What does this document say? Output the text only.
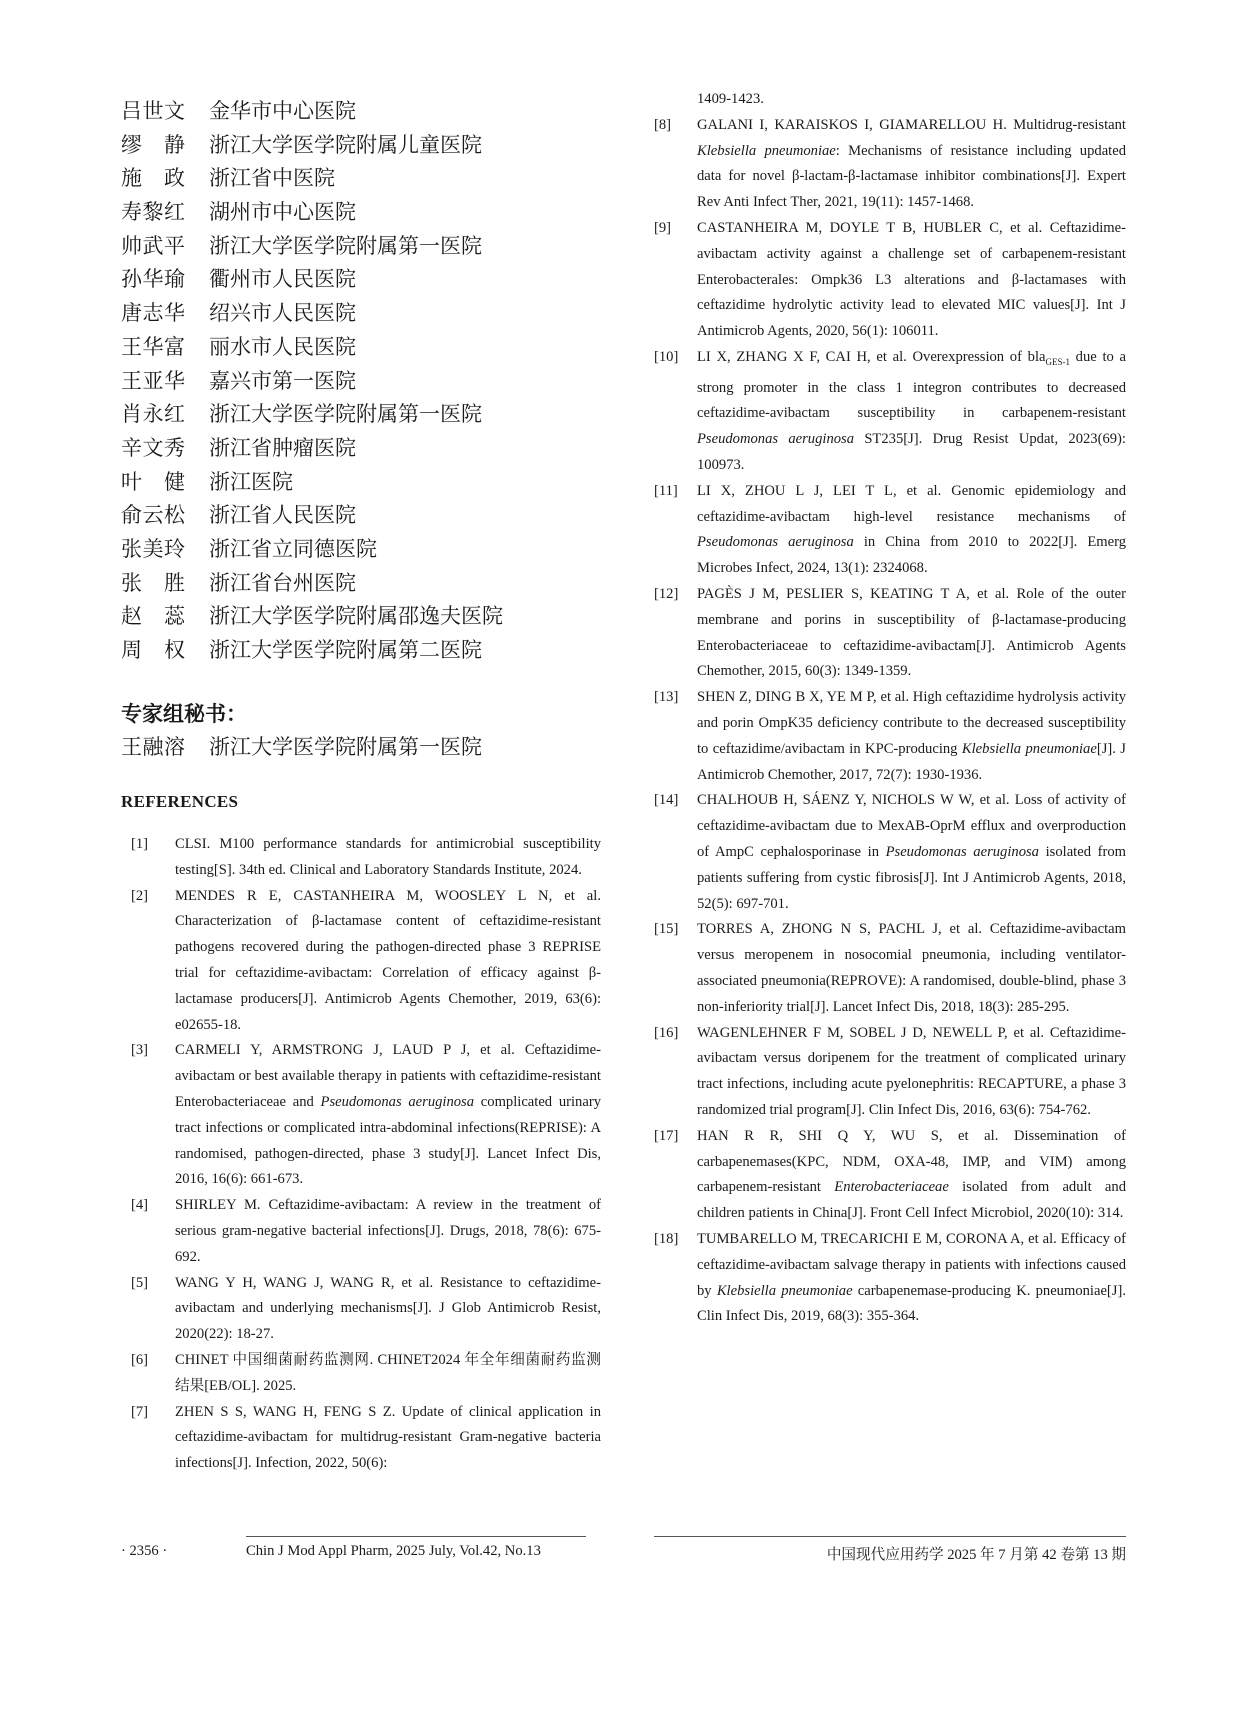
吕世文	金华市中心医院
缪　静	浙江大学医学院附属儿童医院
施　政	浙江省中医院
寿黎红	湖州市中心医院
帅武平	浙江大学医学院附属第一医院
孙华瑜	衢州市人民医院
唐志华	绍兴市人民医院
王华富	丽水市人民医院
王亚华	嘉兴市第一医院
肖永红	浙江大学医学院附属第一医院
辛文秀	浙江省肿瘤医院
叶　健	浙江医院
俞云松	浙江省人民医院
张美玲	浙江省立同德医院
张　胜	浙江省台州医院
赵　蕊	浙江大学医学院附属邵逸夫医院
周　权	浙江大学医学院附属第二医院
专家组秘书：
王融溶	浙江大学医学院附属第一医院
REFERENCES
[1]	CLSI. M100 performance standards for antimicrobial susceptibility testing[S]. 34th ed. Clinical and Laboratory Standards Institute, 2024.
[2]	MENDES R E, CASTANHEIRA M, WOOSLEY L N, et al. Characterization of β-lactamase content of ceftazidime-resistant pathogens recovered during the pathogen-directed phase 3 REPRISE trial for ceftazidime-avibactam: Correlation of efficacy against β-lactamase producers[J]. Antimicrob Agents Chemother, 2019, 63(6): e02655-18.
[3]	CARMELI Y, ARMSTRONG J, LAUD P J, et al. Ceftazidime-avibactam or best available therapy in patients with ceftazidime-resistant Enterobacteriaceae and Pseudomonas aeruginosa complicated urinary tract infections or complicated intra-abdominal infections(REPRISE): A randomised, pathogen-directed, phase 3 study[J]. Lancet Infect Dis, 2016, 16(6): 661-673.
[4]	SHIRLEY M. Ceftazidime-avibactam: A review in the treatment of serious gram-negative bacterial infections[J]. Drugs, 2018, 78(6): 675-692.
[5]	WANG Y H, WANG J, WANG R, et al. Resistance to ceftazidime-avibactam and underlying mechanisms[J]. J Glob Antimicrob Resist, 2020(22): 18-27.
[6]	CHINET 中国细菌耐药监测网. CHINET2024 年全年细菌耐药监测结果[EB/OL]. 2025.
[7]	ZHEN S S, WANG H, FENG S Z. Update of clinical application in ceftazidime-avibactam for multidrug-resistant Gram-negative bacteria infections[J]. Infection, 2022, 50(6):
1409-1423.
[8]	GALANI I, KARAISKOS I, GIAMARELLOU H. Multidrug-resistant Klebsiella pneumoniae: Mechanisms of resistance including updated data for novel β-lactam-β-lactamase inhibitor combinations[J]. Expert Rev Anti Infect Ther, 2021, 19(11): 1457-1468.
[9]	CASTANHEIRA M, DOYLE T B, HUBLER C, et al. Ceftazidime-avibactam activity against a challenge set of carbapenem-resistant Enterobacterales: Ompk36 L3 alterations and β-lactamases with ceftazidime hydrolytic activity lead to elevated MIC values[J]. Int J Antimicrob Agents, 2020, 56(1): 106011.
[10]	LI X, ZHANG X F, CAI H, et al. Overexpression of bla$_{GES-1}$ due to a strong promoter in the class 1 integron contributes to decreased ceftazidime-avibactam susceptibility in carbapenem-resistant Pseudomonas aeruginosa ST235[J]. Drug Resist Updat, 2023(69): 100973.
[11]	LI X, ZHOU L J, LEI T L, et al. Genomic epidemiology and ceftazidime-avibactam high-level resistance mechanisms of Pseudomonas aeruginosa in China from 2010 to 2022[J]. Emerg Microbes Infect, 2024, 13(1): 2324068.
[12]	PAGÈS J M, PESLIER S, KEATING T A, et al. Role of the outer membrane and porins in susceptibility of β-lactamase-producing Enterobacteriaceae to ceftazidime-avibactam[J]. Antimicrob Agents Chemother, 2015, 60(3): 1349-1359.
[13]	SHEN Z, DING B X, YE M P, et al. High ceftazidime hydrolysis activity and porin OmpK35 deficiency contribute to the decreased susceptibility to ceftazidime/avibactam in KPC-producing Klebsiella pneumoniae[J]. J Antimicrob Chemother, 2017, 72(7): 1930-1936.
[14]	CHALHOUB H, SÁENZ Y, NICHOLS W W, et al. Loss of activity of ceftazidime-avibactam due to MexAB-OprM efflux and overproduction of AmpC cephalosporinase in Pseudomonas aeruginosa isolated from patients suffering from cystic fibrosis[J]. Int J Antimicrob Agents, 2018, 52(5): 697-701.
[15]	TORRES A, ZHONG N S, PACHL J, et al. Ceftazidime-avibactam versus meropenem in nosocomial pneumonia, including ventilator-associated pneumonia(REPROVE): A randomised, double-blind, phase 3 non-inferiority trial[J]. Lancet Infect Dis, 2018, 18(3): 285-295.
[16]	WAGENLEHNER F M, SOBEL J D, NEWELL P, et al. Ceftazidime-avibactam versus doripenem for the treatment of complicated urinary tract infections, including acute pyelonephritis: RECAPTURE, a phase 3 randomized trial program[J]. Clin Infect Dis, 2016, 63(6): 754-762.
[17]	HAN R R, SHI Q Y, WU S, et al. Dissemination of carbapenemases(KPC, NDM, OXA-48, IMP, and VIM) among carbapenem-resistant Enterobacteriaceae isolated from adult and children patients in China[J]. Front Cell Infect Microbiol, 2020(10): 314.
[18]	TUMBARELLO M, TRECARICHI E M, CORONA A, et al. Efficacy of ceftazidime-avibactam salvage therapy in patients with infections caused by Klebsiella pneumoniae carbapenemase-producing K. pneumoniae[J]. Clin Infect Dis, 2019, 68(3): 355-364.
· 2356 ·	Chin J Mod Appl Pharm, 2025 July, Vol.42, No.13	中国现代应用药学 2025 年 7 月第 42 卷第 13 期
